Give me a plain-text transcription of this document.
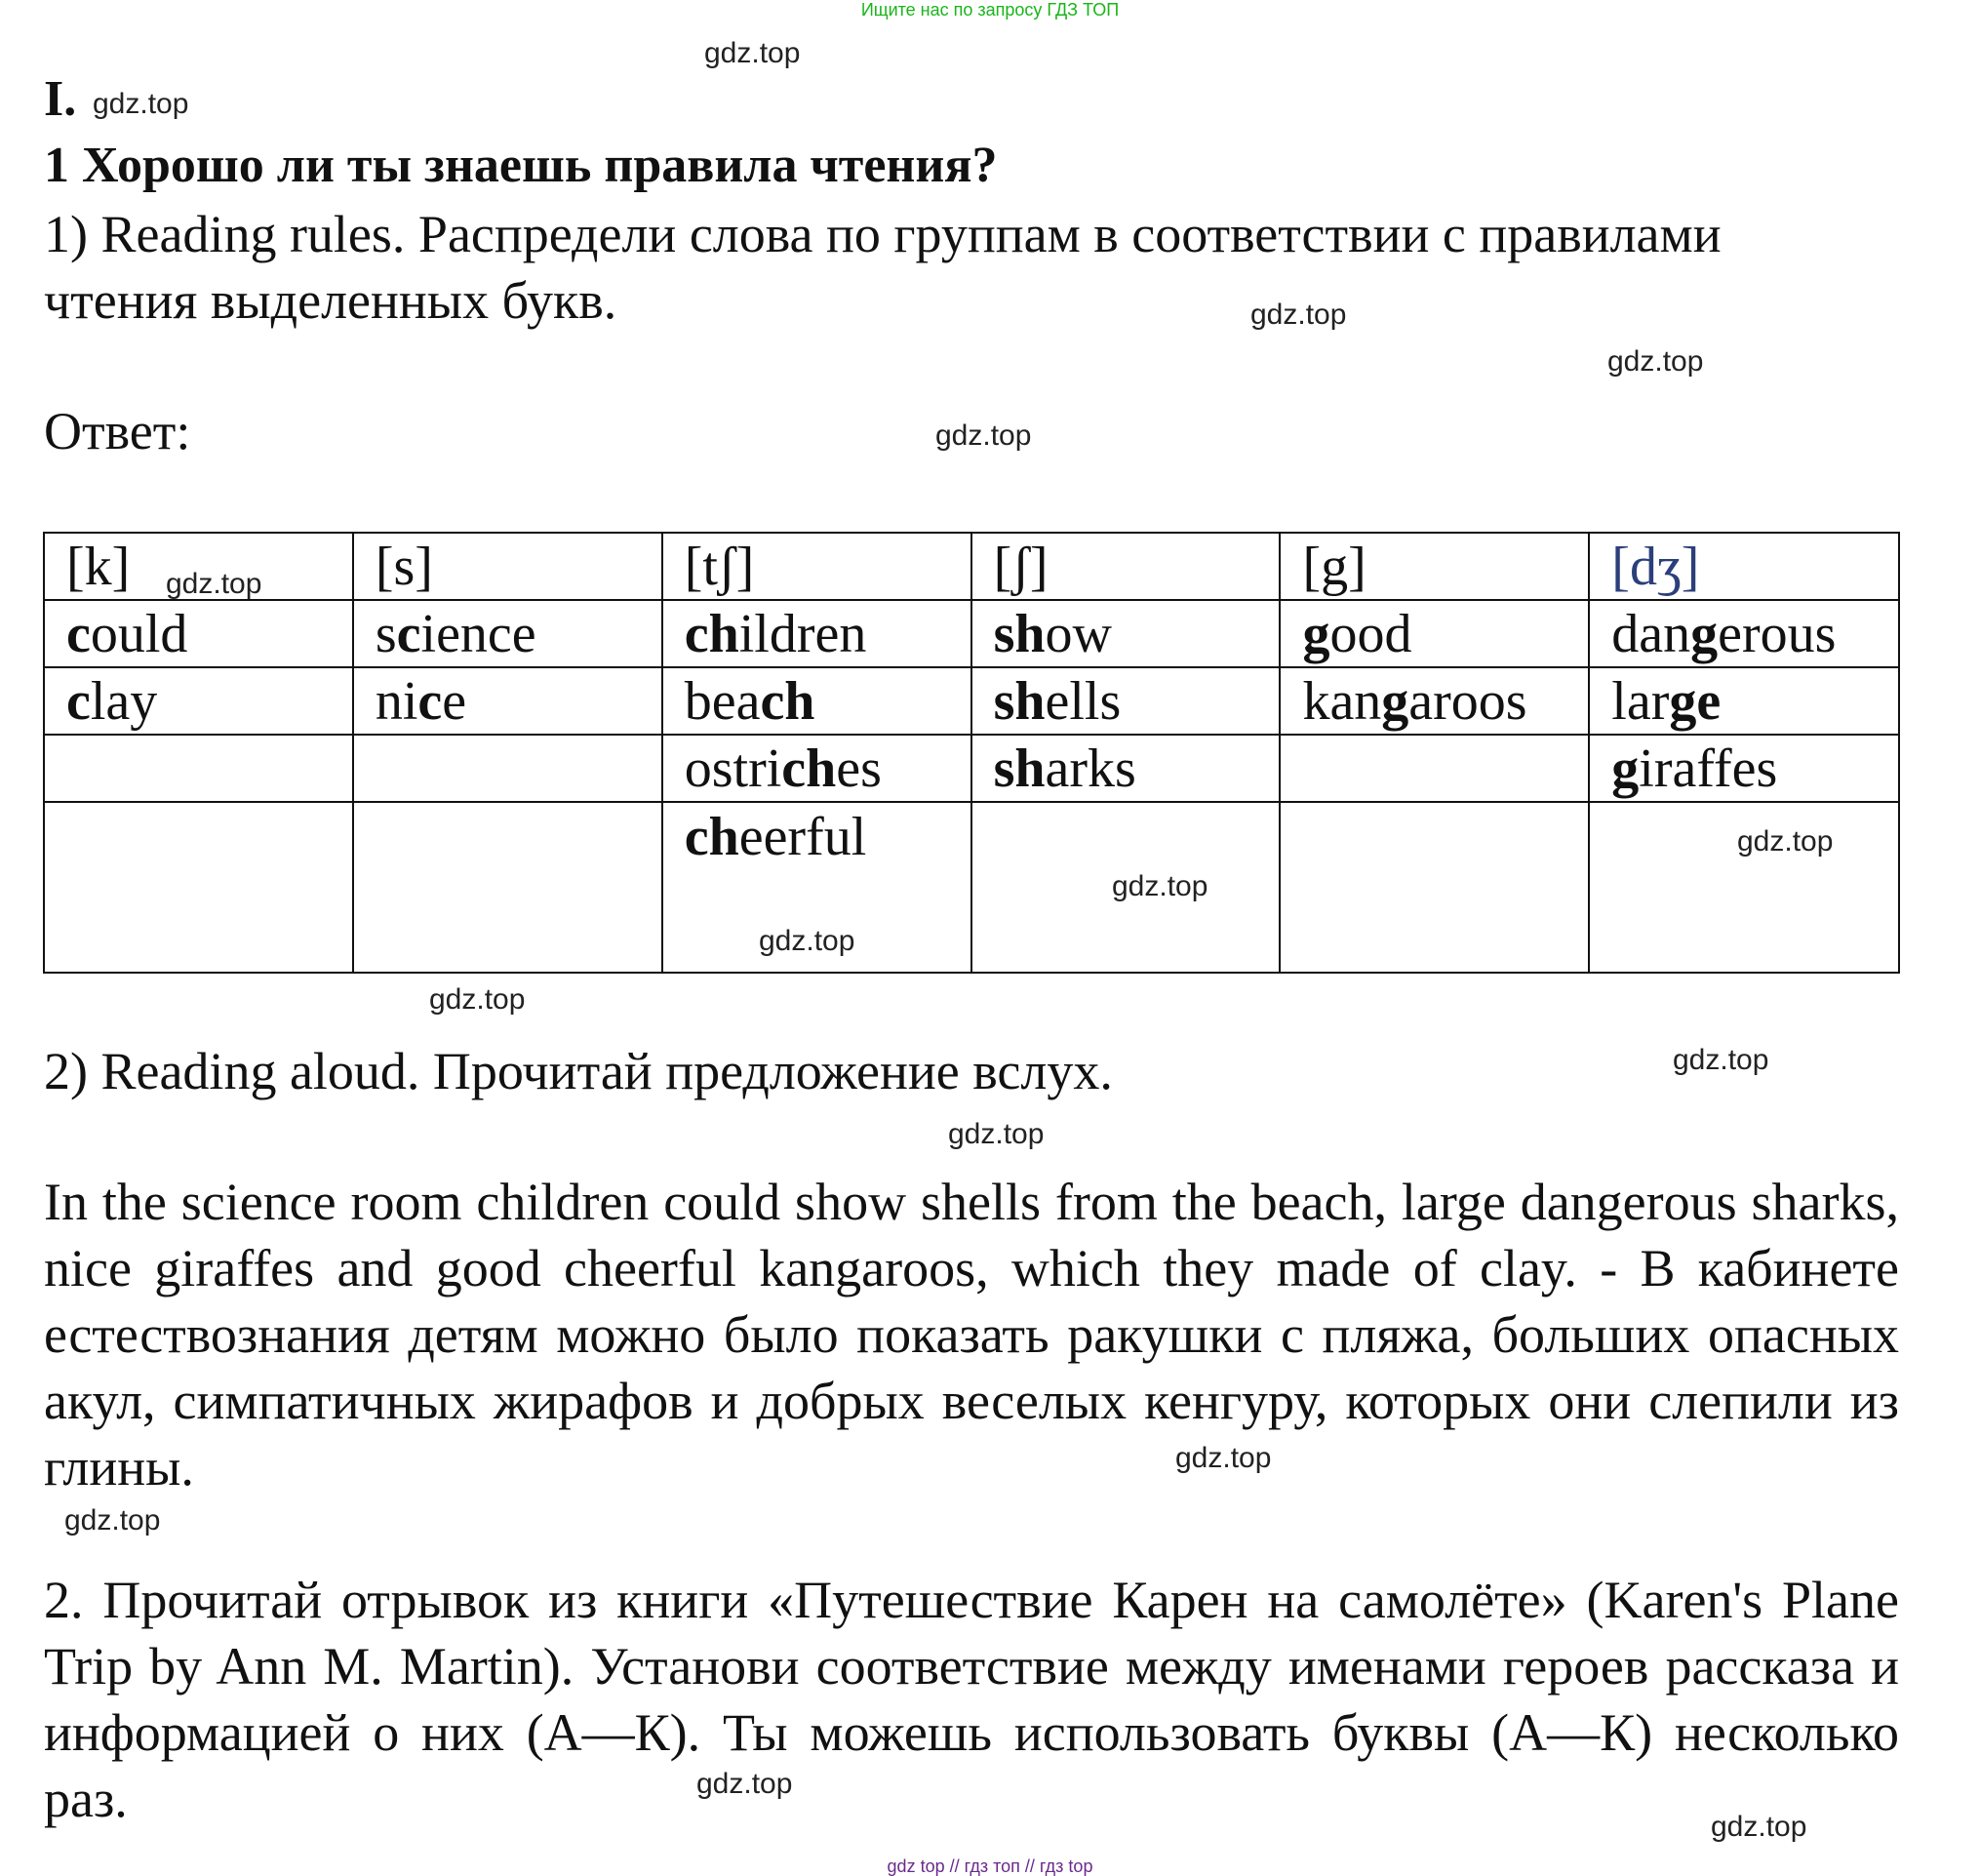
Ищите нас по запросу ГДЗ ТОП
I.
1 Хорошо ли ты знаешь правила чтения?
1) Reading rules. Распредели слова по группам в соответствии с правилами
чтения выделенных букв.
Ответ:
[k]	[s]	[tʃ]	[ʃ]	[g]	[dʒ]
could	science	children	show	good	dangerous
clay	nice	beach	shells	kangaroos	large
		ostriches	sharks		giraffes
		cheerful			
2) Reading aloud. Прочитай предложение вслух.
In the science room children could show shells from the beach, large dangerous sharks, nice giraffes and good cheerful kangaroos, which they made of clay. - В кабинете естествознания детям можно было показать ракушки с пляжа, больших опасных акул, симпатичных жирафов и добрых веселых кенгуру, которых они слепили из глины.
2. Прочитай отрывок из книги «Путешествие Карен на самолёте» (Karen's Plane Trip by Ann M. Martin). Установи соответствие между именами героев рассказа и информацией о них (А—К). Ты можешь использовать буквы (А—К) несколько раз.
gdz.top
gdz.top
gdz.top
gdz.top
gdz.top
gdz.top
gdz.top
gdz.top
gdz.top
gdz.top
gdz.top
gdz.top
gdz.top
gdz.top
gdz.top
gdz.top
gdz top // гдз топ // гдз top
